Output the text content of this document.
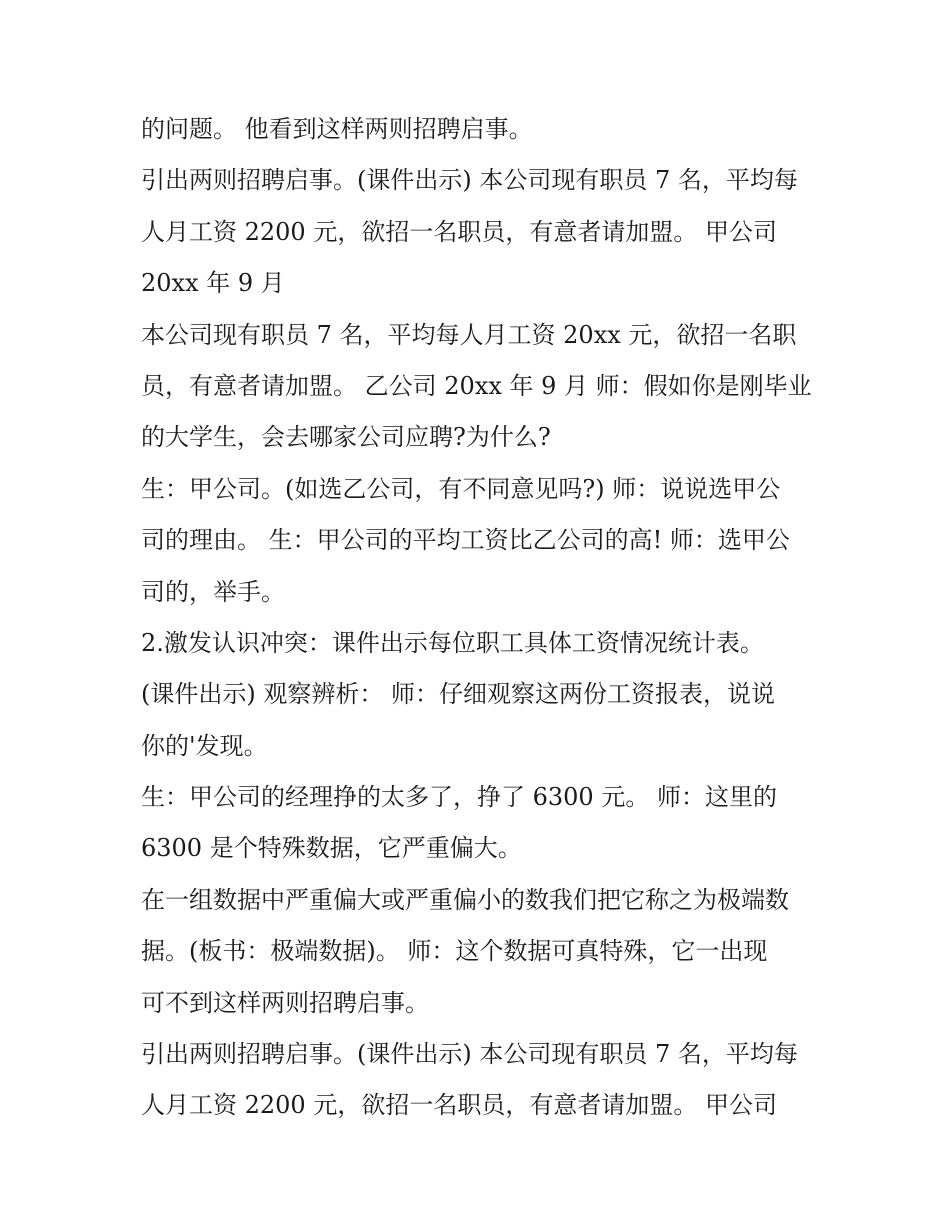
的问题。 他看到这样两则招聘启事。
引出两则招聘启事。(课件出示) 本公司现有职员 7 名，平均每
人月工资 2200 元，欲招一名职员，有意者请加盟。 甲公司
20xx 年 9 月
本公司现有职员 7 名，平均每人月工资 20xx 元，欲招一名职
员，有意者请加盟。 乙公司 20xx 年 9 月 师：假如你是刚毕业
的大学生，会去哪家公司应聘?为什么?
生：甲公司。(如选乙公司，有不同意见吗?) 师：说说选甲公
司的理由。 生：甲公司的平均工资比乙公司的高! 师：选甲公
司的，举手。
2.激发认识冲突：课件出示每位职工具体工资情况统计表。
(课件出示) 观察辨析： 师：仔细观察这两份工资报表，说说
你的'发现。
生：甲公司的经理挣的太多了，挣了 6300 元。 师：这里的
6300 是个特殊数据，它严重偏大。
在一组数据中严重偏大或严重偏小的数我们把它称之为极端数
据。(板书：极端数据)。 师：这个数据可真特殊，它一出现
可不到这样两则招聘启事。
引出两则招聘启事。(课件出示) 本公司现有职员 7 名，平均每
人月工资 2200 元，欲招一名职员，有意者请加盟。 甲公司
